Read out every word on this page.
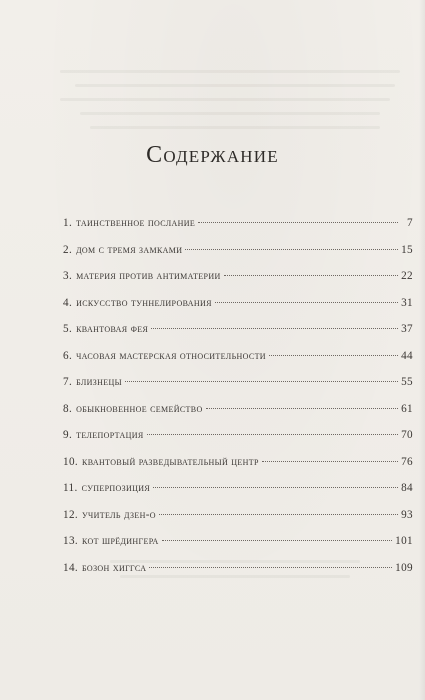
Содержание
1. таинственное послание	7
2. дом с тремя замками	15
3. материя против антиматерии	22
4. искусство туннелирования	31
5. квантовая фея	37
6. часовая мастерская относительности	44
7. близнецы	55
8. обыкновенное семейство	61
9. телепортация	70
10. квантовый разведывательный центр	76
11. суперпозиция	84
12. учитель дзен-о	93
13. кот шрёдингера	101
14. бозон хиггса	109
